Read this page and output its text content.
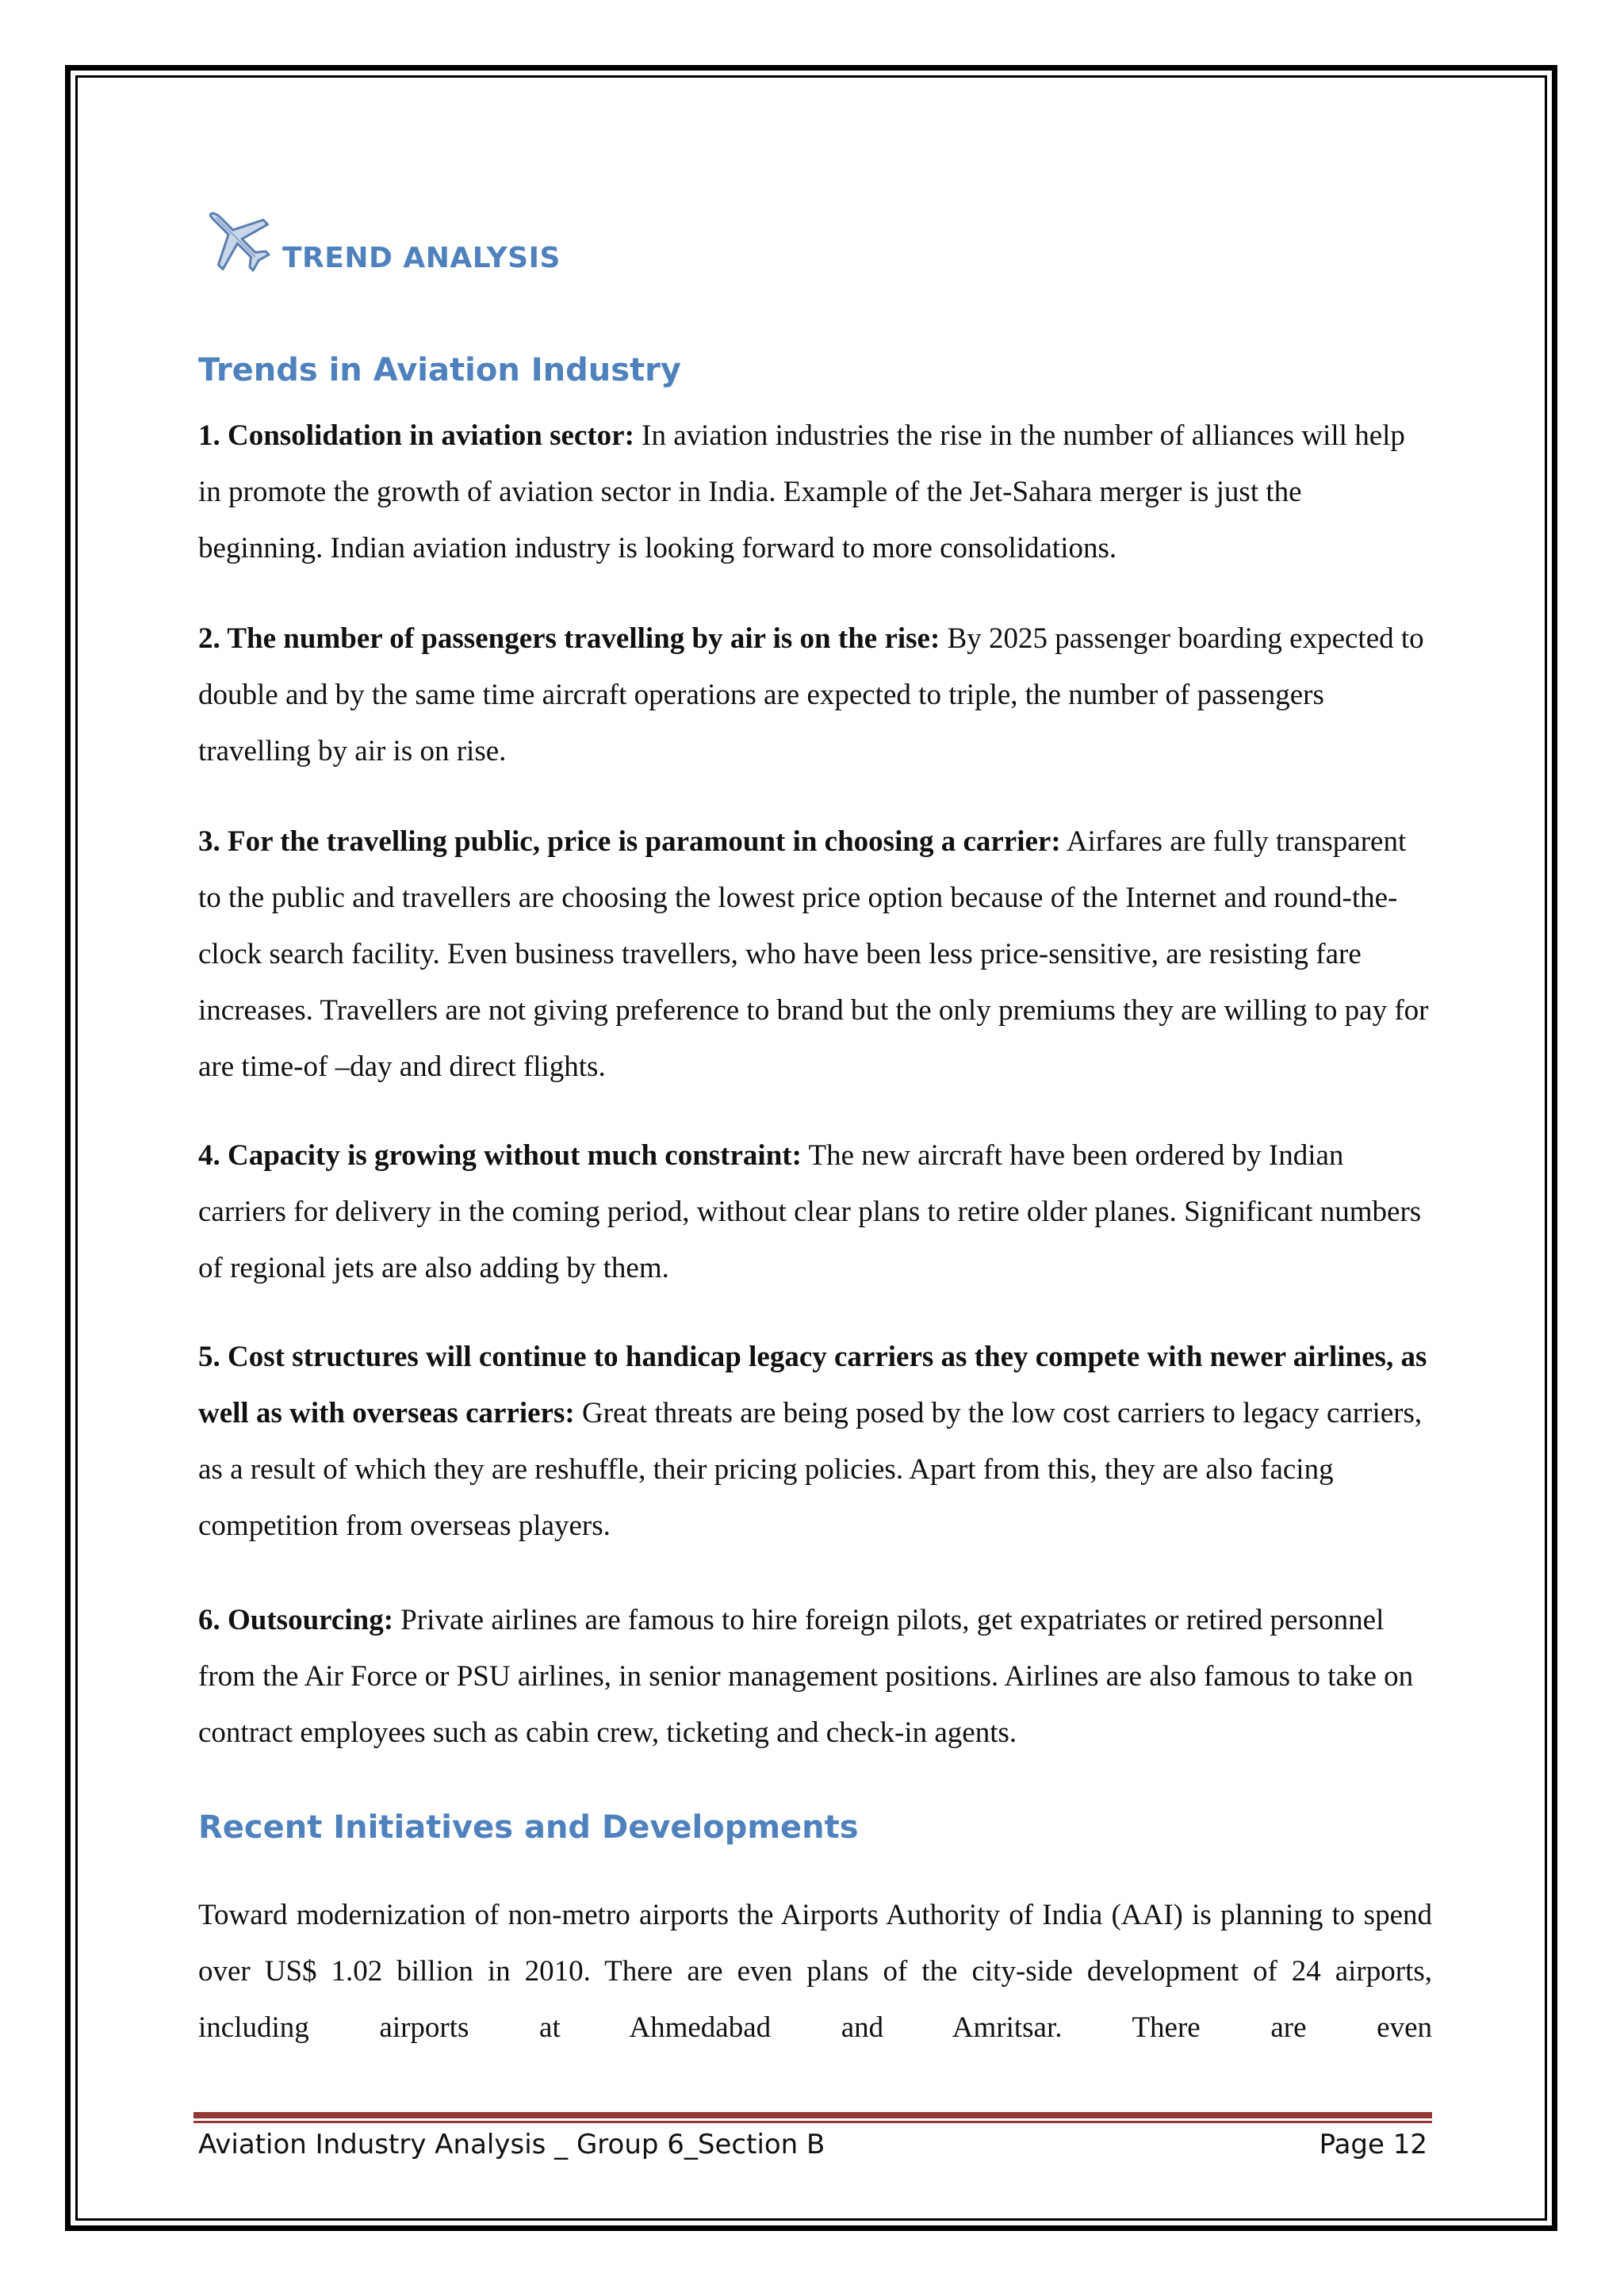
TREND ANALYSIS
Trends in Aviation Industry

1. Consolidation in aviation sector: In aviation industries the rise in the number of alliances will help in promote the growth of aviation sector in India. Example of the Jet-Sahara merger is just the beginning. Indian aviation industry is looking forward to more consolidations.

2. The number of passengers travelling by air is on the rise: By 2025 passenger boarding expected to double and by the same time aircraft operations are expected to triple, the number of passengers travelling by air is on rise.

3. For the travelling public, price is paramount in choosing a carrier: Airfares are fully transparent to the public and travellers are choosing the lowest price option because of the Internet and round-the-clock search facility. Even business travellers, who have been less price-sensitive, are resisting fare increases. Travellers are not giving preference to brand but the only premiums they are willing to pay for are time-of –day and direct flights.

4. Capacity is growing without much constraint: The new aircraft have been ordered by Indian carriers for delivery in the coming period, without clear plans to retire older planes. Significant numbers of regional jets are also adding by them.

5. Cost structures will continue to handicap legacy carriers as they compete with newer airlines, as well as with overseas carriers: Great threats are being posed by the low cost carriers to legacy carriers, as a result of which they are reshuffle, their pricing policies. Apart from this, they are also facing competition from overseas players.

6. Outsourcing: Private airlines are famous to hire foreign pilots, get expatriates or retired personnel from the Air Force or PSU airlines, in senior management positions. Airlines are also famous to take on contract employees such as cabin crew, ticketing and check-in agents.

Recent Initiatives and Developments

Toward modernization of non-metro airports the Airports Authority of India (AAI) is planning to spend over US$ 1.02 billion in 2010. There are even plans of the city-side development of 24 airports, including airports at Ahmedabad and Amritsar. There are even

Aviation Industry Analysis _ Group 6_Section B	Page 12
